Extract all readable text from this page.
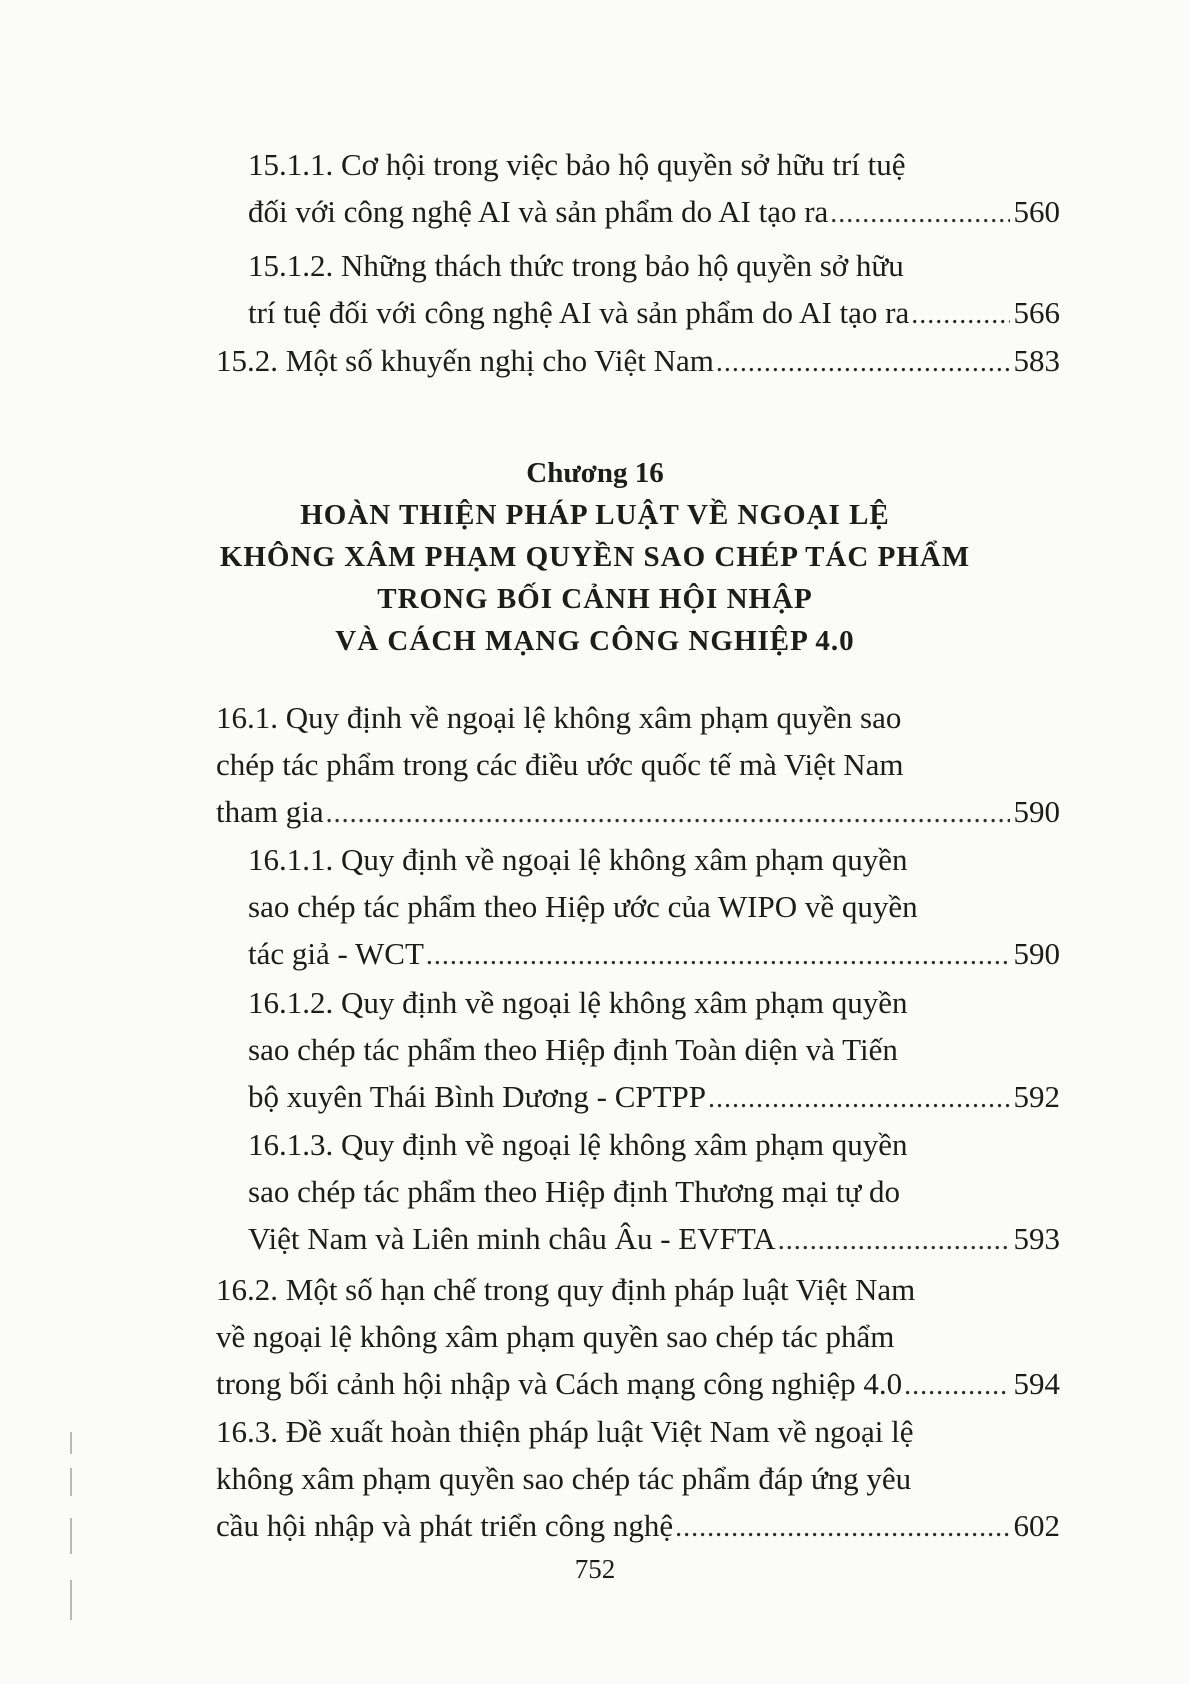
15.1.1. Cơ hội trong việc bảo hộ quyền sở hữu trí tuệ
đối với công nghệ AI và sản phẩm do AI tạo ra .....	560
15.1.2. Những thách thức trong bảo hộ quyền sở hữu
trí tuệ đối với công nghệ AI và sản phẩm do AI tạo ra .....	566
15.2. Một số khuyến nghị cho Việt Nam .....	583
Chương 16
HOÀN THIỆN PHÁP LUẬT VỀ NGOẠI LỆ
KHÔNG XÂM PHẠM QUYỀN SAO CHÉP TÁC PHẨM
TRONG BỐI CẢNH HỘI NHẬP
VÀ CÁCH MẠNG CÔNG NGHIỆP 4.0
16.1. Quy định về ngoại lệ không xâm phạm quyền sao
chép tác phẩm trong các điều ước quốc tế mà Việt Nam
tham gia .....	590
16.1.1. Quy định về ngoại lệ không xâm phạm quyền
sao chép tác phẩm theo Hiệp ước của WIPO về quyền
tác giả - WCT .....	590
16.1.2. Quy định về ngoại lệ không xâm phạm quyền
sao chép tác phẩm theo Hiệp định Toàn diện và Tiến
bộ xuyên Thái Bình Dương - CPTPP .....	592
16.1.3. Quy định về ngoại lệ không xâm phạm quyền
sao chép tác phẩm theo Hiệp định Thương mại tự do
Việt Nam và Liên minh châu Âu - EVFTA .....	593
16.2. Một số hạn chế trong quy định pháp luật Việt Nam
về ngoại lệ không xâm phạm quyền sao chép tác phẩm
trong bối cảnh hội nhập và Cách mạng công nghiệp 4.0 .....	594
16.3. Đề xuất hoàn thiện pháp luật Việt Nam về ngoại lệ
không xâm phạm quyền sao chép tác phẩm đáp ứng yêu
cầu hội nhập và phát triển công nghệ .....	602
752
